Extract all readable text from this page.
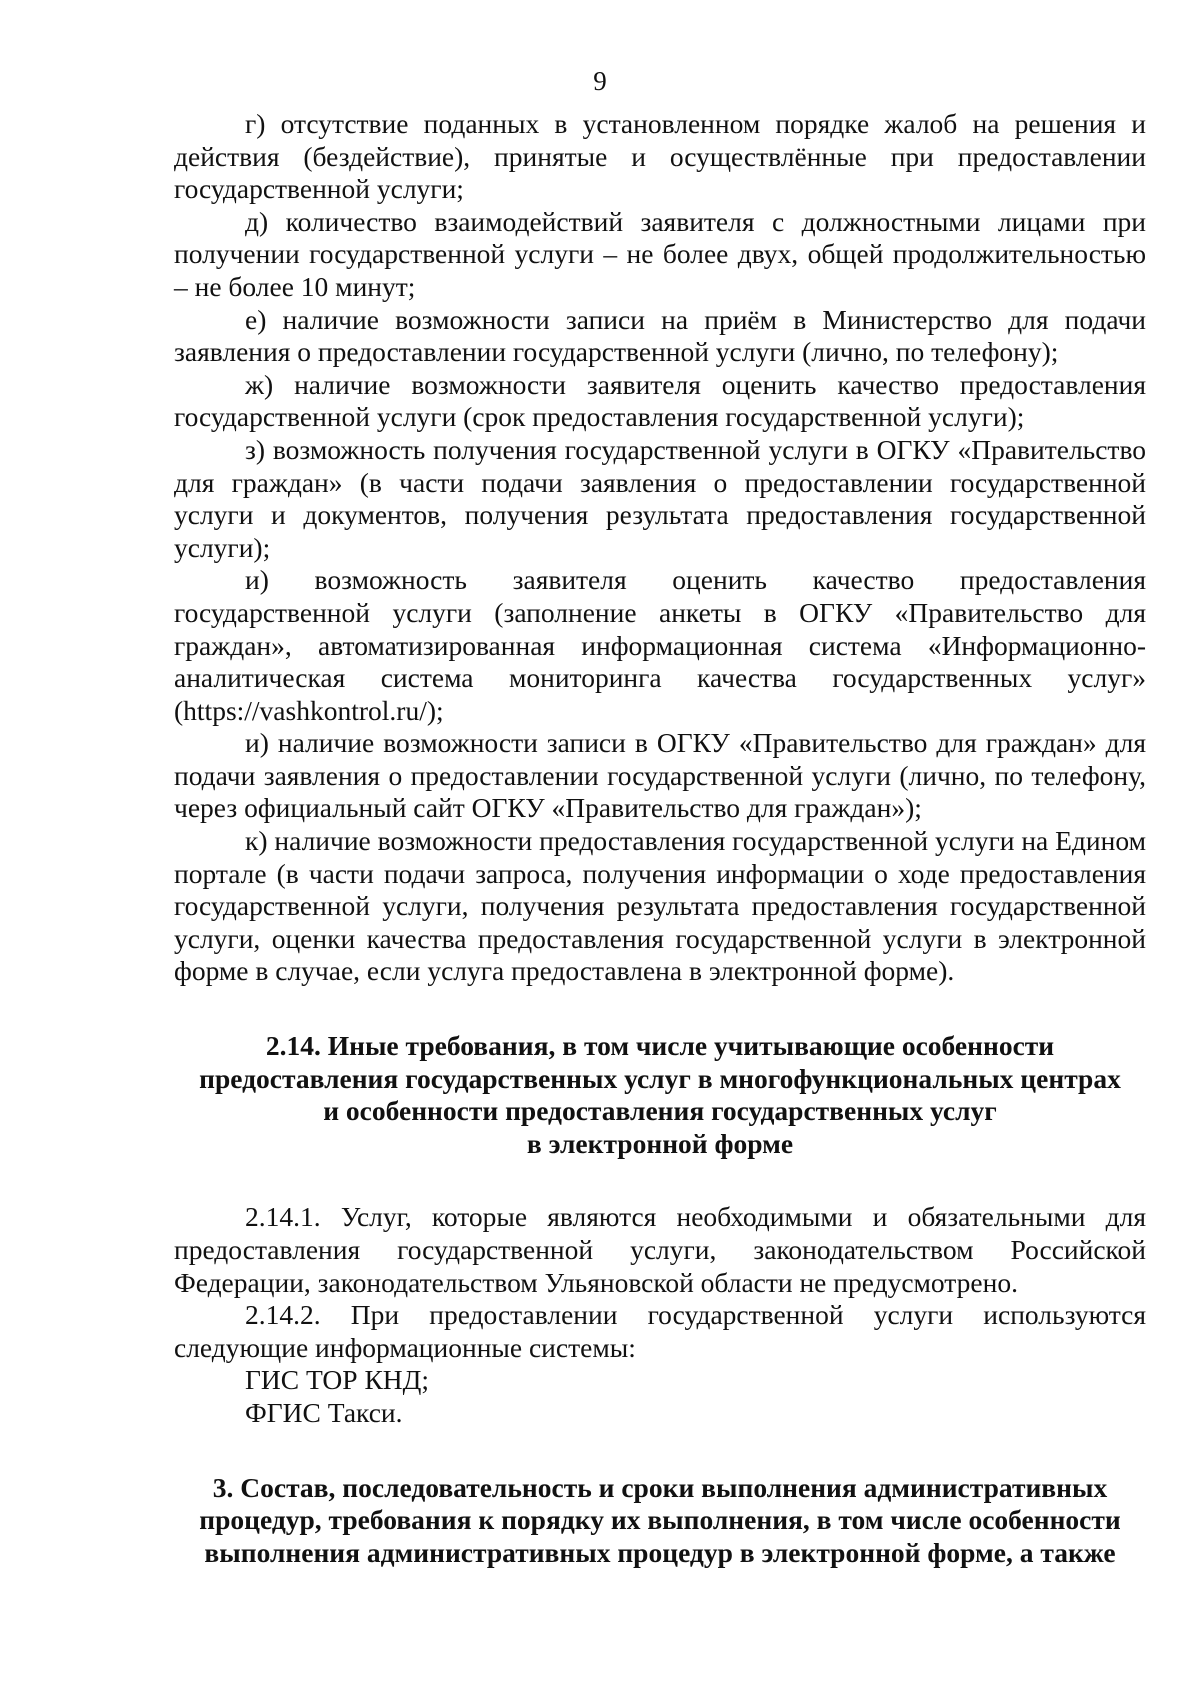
9

г) отсутствие поданных в установленном порядке жалоб на решения и действия (бездействие), принятые и осуществлённые при предоставлении государственной услуги;

д) количество взаимодействий заявителя с должностными лицами при получении государственной услуги – не более двух, общей продолжительностью – не более 10 минут;

е) наличие возможности записи на приём в Министерство для подачи заявления о предоставлении государственной услуги (лично, по телефону);

ж) наличие возможности заявителя оценить качество предоставления государственной услуги (срок предоставления государственной услуги);

з) возможность получения государственной услуги в ОГКУ «Правительство для граждан» (в части подачи заявления о предоставлении государственной услуги и документов, получения результата предоставления государственной услуги);

и) возможность заявителя оценить качество предоставления государственной услуги (заполнение анкеты в ОГКУ «Правительство для граждан», автоматизированная информационная система «Информационно-аналитическая система мониторинга качества государственных услуг» (https://vashkontrol.ru/);

и) наличие возможности записи в ОГКУ «Правительство для граждан» для подачи заявления о предоставлении государственной услуги (лично, по телефону, через официальный сайт ОГКУ «Правительство для граждан»);

к) наличие возможности предоставления государственной услуги на Едином портале (в части подачи запроса, получения информации о ходе предоставления государственной услуги, получения результата предоставления государственной услуги, оценки качества предоставления государственной услуги в электронной форме в случае, если услуга предоставлена в электронной форме).

2.14. Иные требования, в том числе учитывающие особенности
предоставления государственных услуг в многофункциональных центрах
и особенности предоставления государственных услуг
в электронной форме

2.14.1. Услуг, которые являются необходимыми и обязательными для предоставления государственной услуги, законодательством Российской Федерации, законодательством Ульяновской области не предусмотрено.

2.14.2. При предоставлении государственной услуги используются следующие информационные системы:

ГИС ТОР КНД;

ФГИС Такси.

3. Состав, последовательность и сроки выполнения административных
процедур, требования к порядку их выполнения, в том числе особенности
выполнения административных процедур в электронной форме, а также
